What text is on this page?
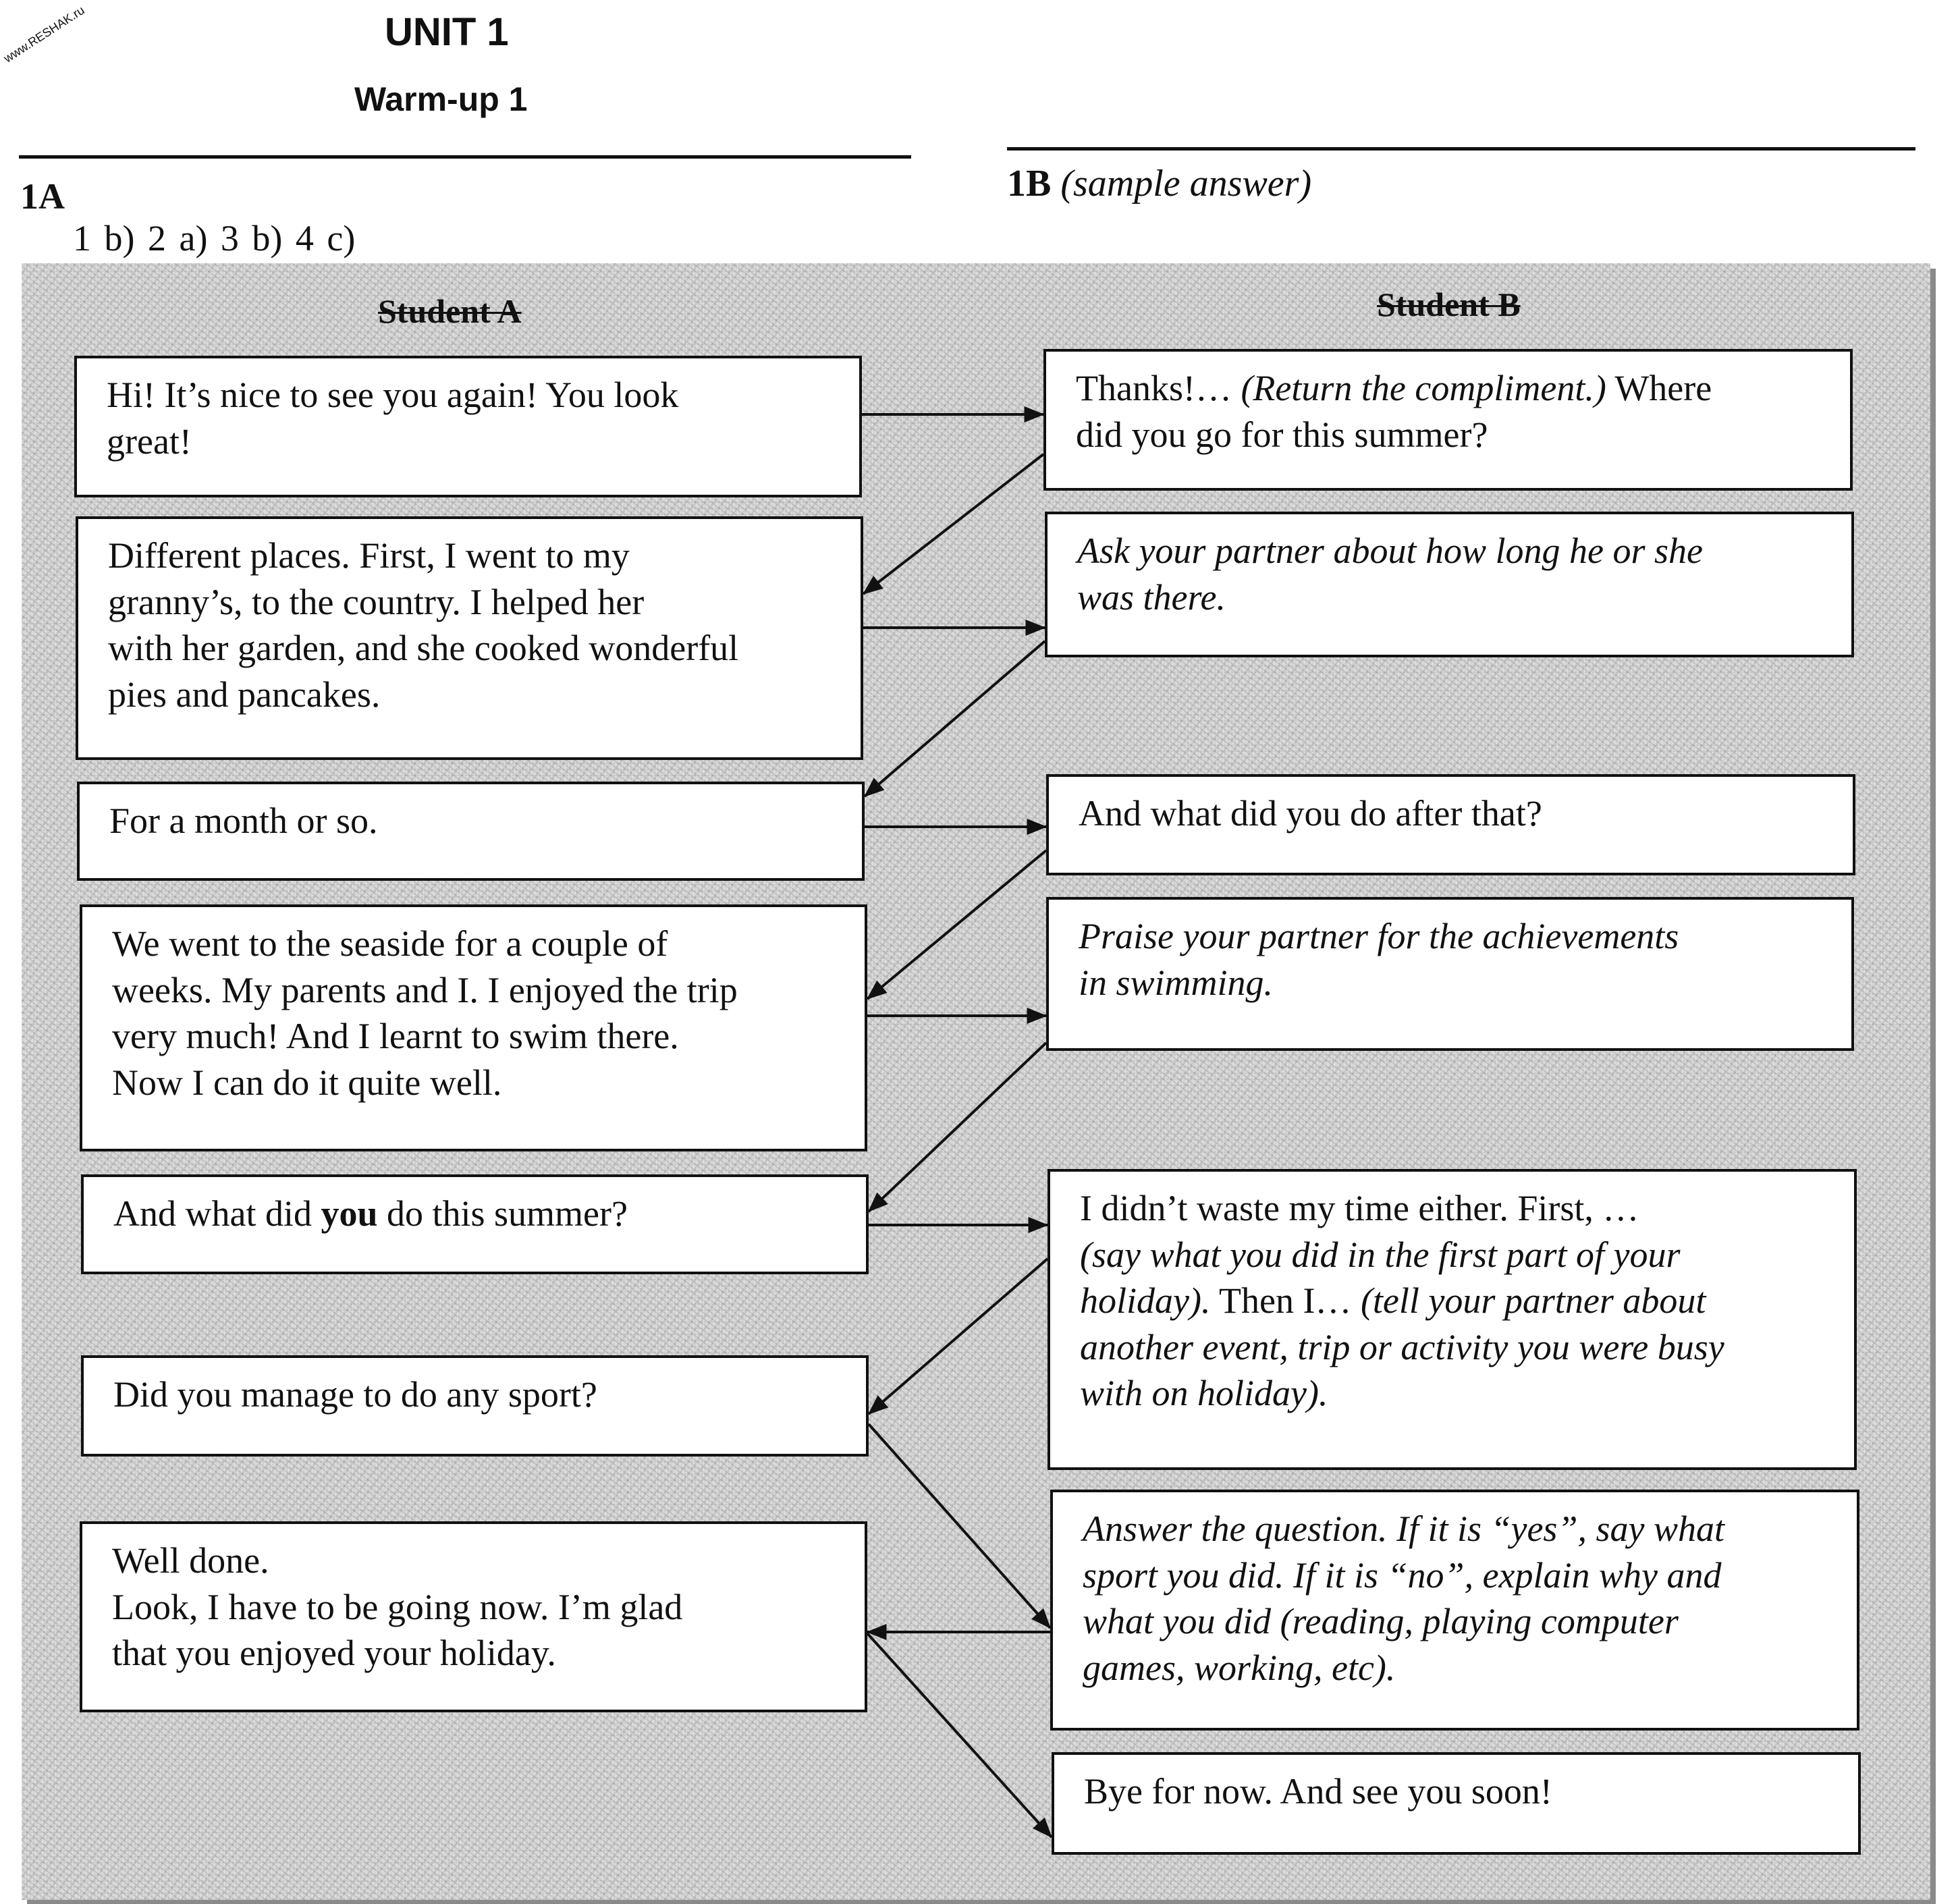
www.RESHAK.ru	UNIT 1
Warm-up 1
1A
1 b) 2 a) 3 b) 4 c)
1B (sample answer)
Student A	Student B
Hi! It’s nice to see you again! You look
great!
Different places. First, I went to my
granny’s, to the country. I helped her
with her garden, and she cooked wonderful
pies and pancakes.
For a month or so.
We went to the seaside for a couple of
weeks. My parents and I. I enjoyed the trip
very much! And I learnt to swim there.
Now I can do it quite well.
And what did you do this summer?
Did you manage to do any sport?
Well done.
Look, I have to be going now. I’m glad
that you enjoyed your holiday.
Thanks!… (Return the compliment.) Where
did you go for this summer?
Ask your partner about how long he or she
was there.
And what did you do after that?
Praise your partner for the achievements
in swimming.
I didn’t waste my time either. First, …
(say what you did in the first part of your
holiday). Then I… (tell your partner about
another event, trip or activity you were busy
with on holiday).
Answer the question. If it is “yes”, say what
sport you did. If it is “no”, explain why and
what you did (reading, playing computer
games, working, etc).
Bye for now. And see you soon!
